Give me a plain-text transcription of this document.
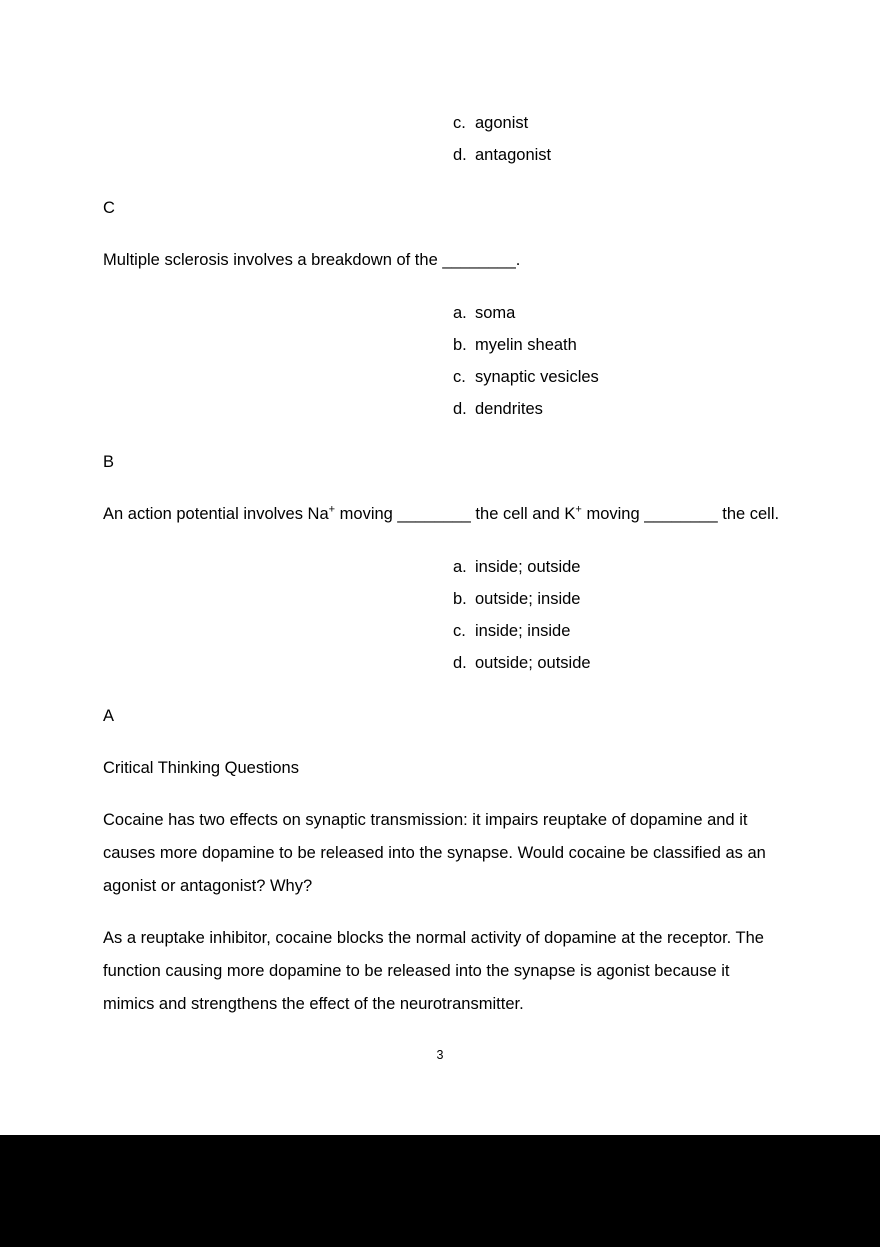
c. agonist
d. antagonist

C

Multiple sclerosis involves a breakdown of the ________.

a. soma
b. myelin sheath
c. synaptic vesicles
d. dendrites

B

An action potential involves Na+ moving ________ the cell and K+ moving ________ the cell.

a. inside; outside
b. outside; inside
c. inside; inside
d. outside; outside

A

Critical Thinking Questions

Cocaine has two effects on synaptic transmission: it impairs reuptake of dopamine and it causes more dopamine to be released into the synapse. Would cocaine be classified as an agonist or antagonist? Why?

As a reuptake inhibitor, cocaine blocks the normal activity of dopamine at the receptor. The function causing more dopamine to be released into the synapse is agonist because it mimics and strengthens the effect of the neurotransmitter.

3
